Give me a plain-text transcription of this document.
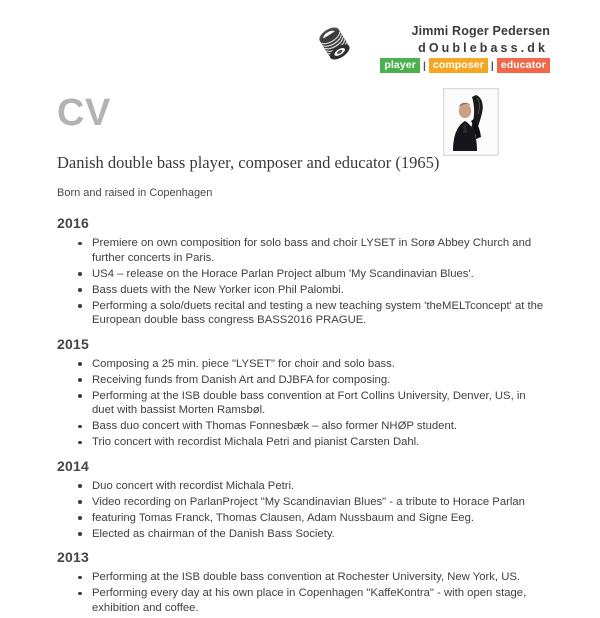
Jimmi Roger Pedersen
dOublebass.dk
player | composer | educator
CV
Danish double bass player, composer and educator (1965)
Born and raised in Copenhagen
2016
Premiere on own composition for solo bass and choir LYSET in Sorø Abbey Church and further concerts in Paris.
US4 – release on the Horace Parlan Project album 'My Scandinavian Blues'.
Bass duets with the New Yorker icon Phil Palombi.
Performing a solo/duets recital and testing a new teaching system 'theMELTconcept' at the European double bass congress BASS2016 PRAGUE.
2015
Composing a 25 min. piece "LYSET" for choir and solo bass.
Receiving funds from Danish Art and DJBFA for composing.
Performing at the ISB double bass convention at Fort Collins University, Denver, US, in duet with bassist Morten Ramsbøl.
Bass duo concert with Thomas Fonnesbæk – also former NHØP student.
Trio concert with recordist Michala Petri and pianist Carsten Dahl.
2014
Duo concert with recordist Michala Petri.
Video recording on ParlanProject "My Scandinavian Blues" - a tribute to Horace Parlan
featuring Tomas Franck, Thomas Clausen, Adam Nussbaum and Signe Eeg.
Elected as chairman of the Danish Bass Society.
2013
Performing at the ISB double bass convention at Rochester University, New York, US.
Performing every day at his own place in Copenhagen "KaffeKontra" - with open stage, exhibition and coffee.
